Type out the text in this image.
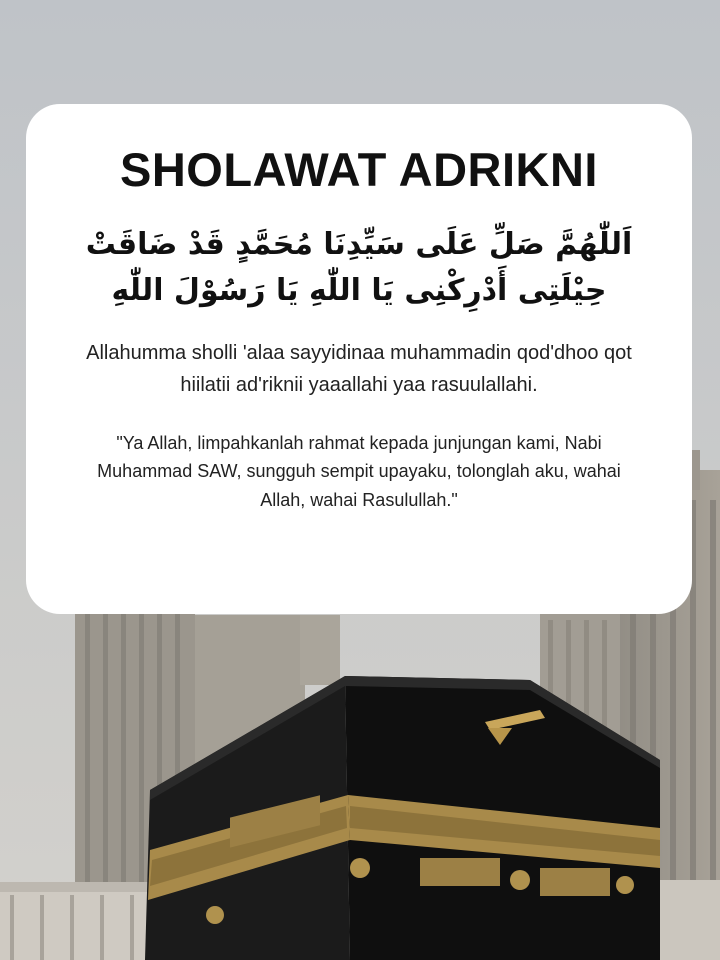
SHOLAWAT ADRIKNI

اَللّٰهُمَّ صَلِّ عَلَى سَيِّدِنَا مُحَمَّدٍ قَدْ ضَاقَتْ حِيْلَتِى أَدْرِكْنِى يَا اللّٰهِ يَا رَسُوْلَ اللّٰهِ

Allahumma sholli 'alaa sayyidinaa muhammadin qod'dhoo qot hiilatii ad'riknii yaaallahi yaa rasuulallahi.

"Ya Allah, limpahkanlah rahmat kepada junjungan kami, Nabi Muhammad SAW, sungguh sempit upayaku, tolonglah aku, wahai Allah, wahai Rasulullah."
